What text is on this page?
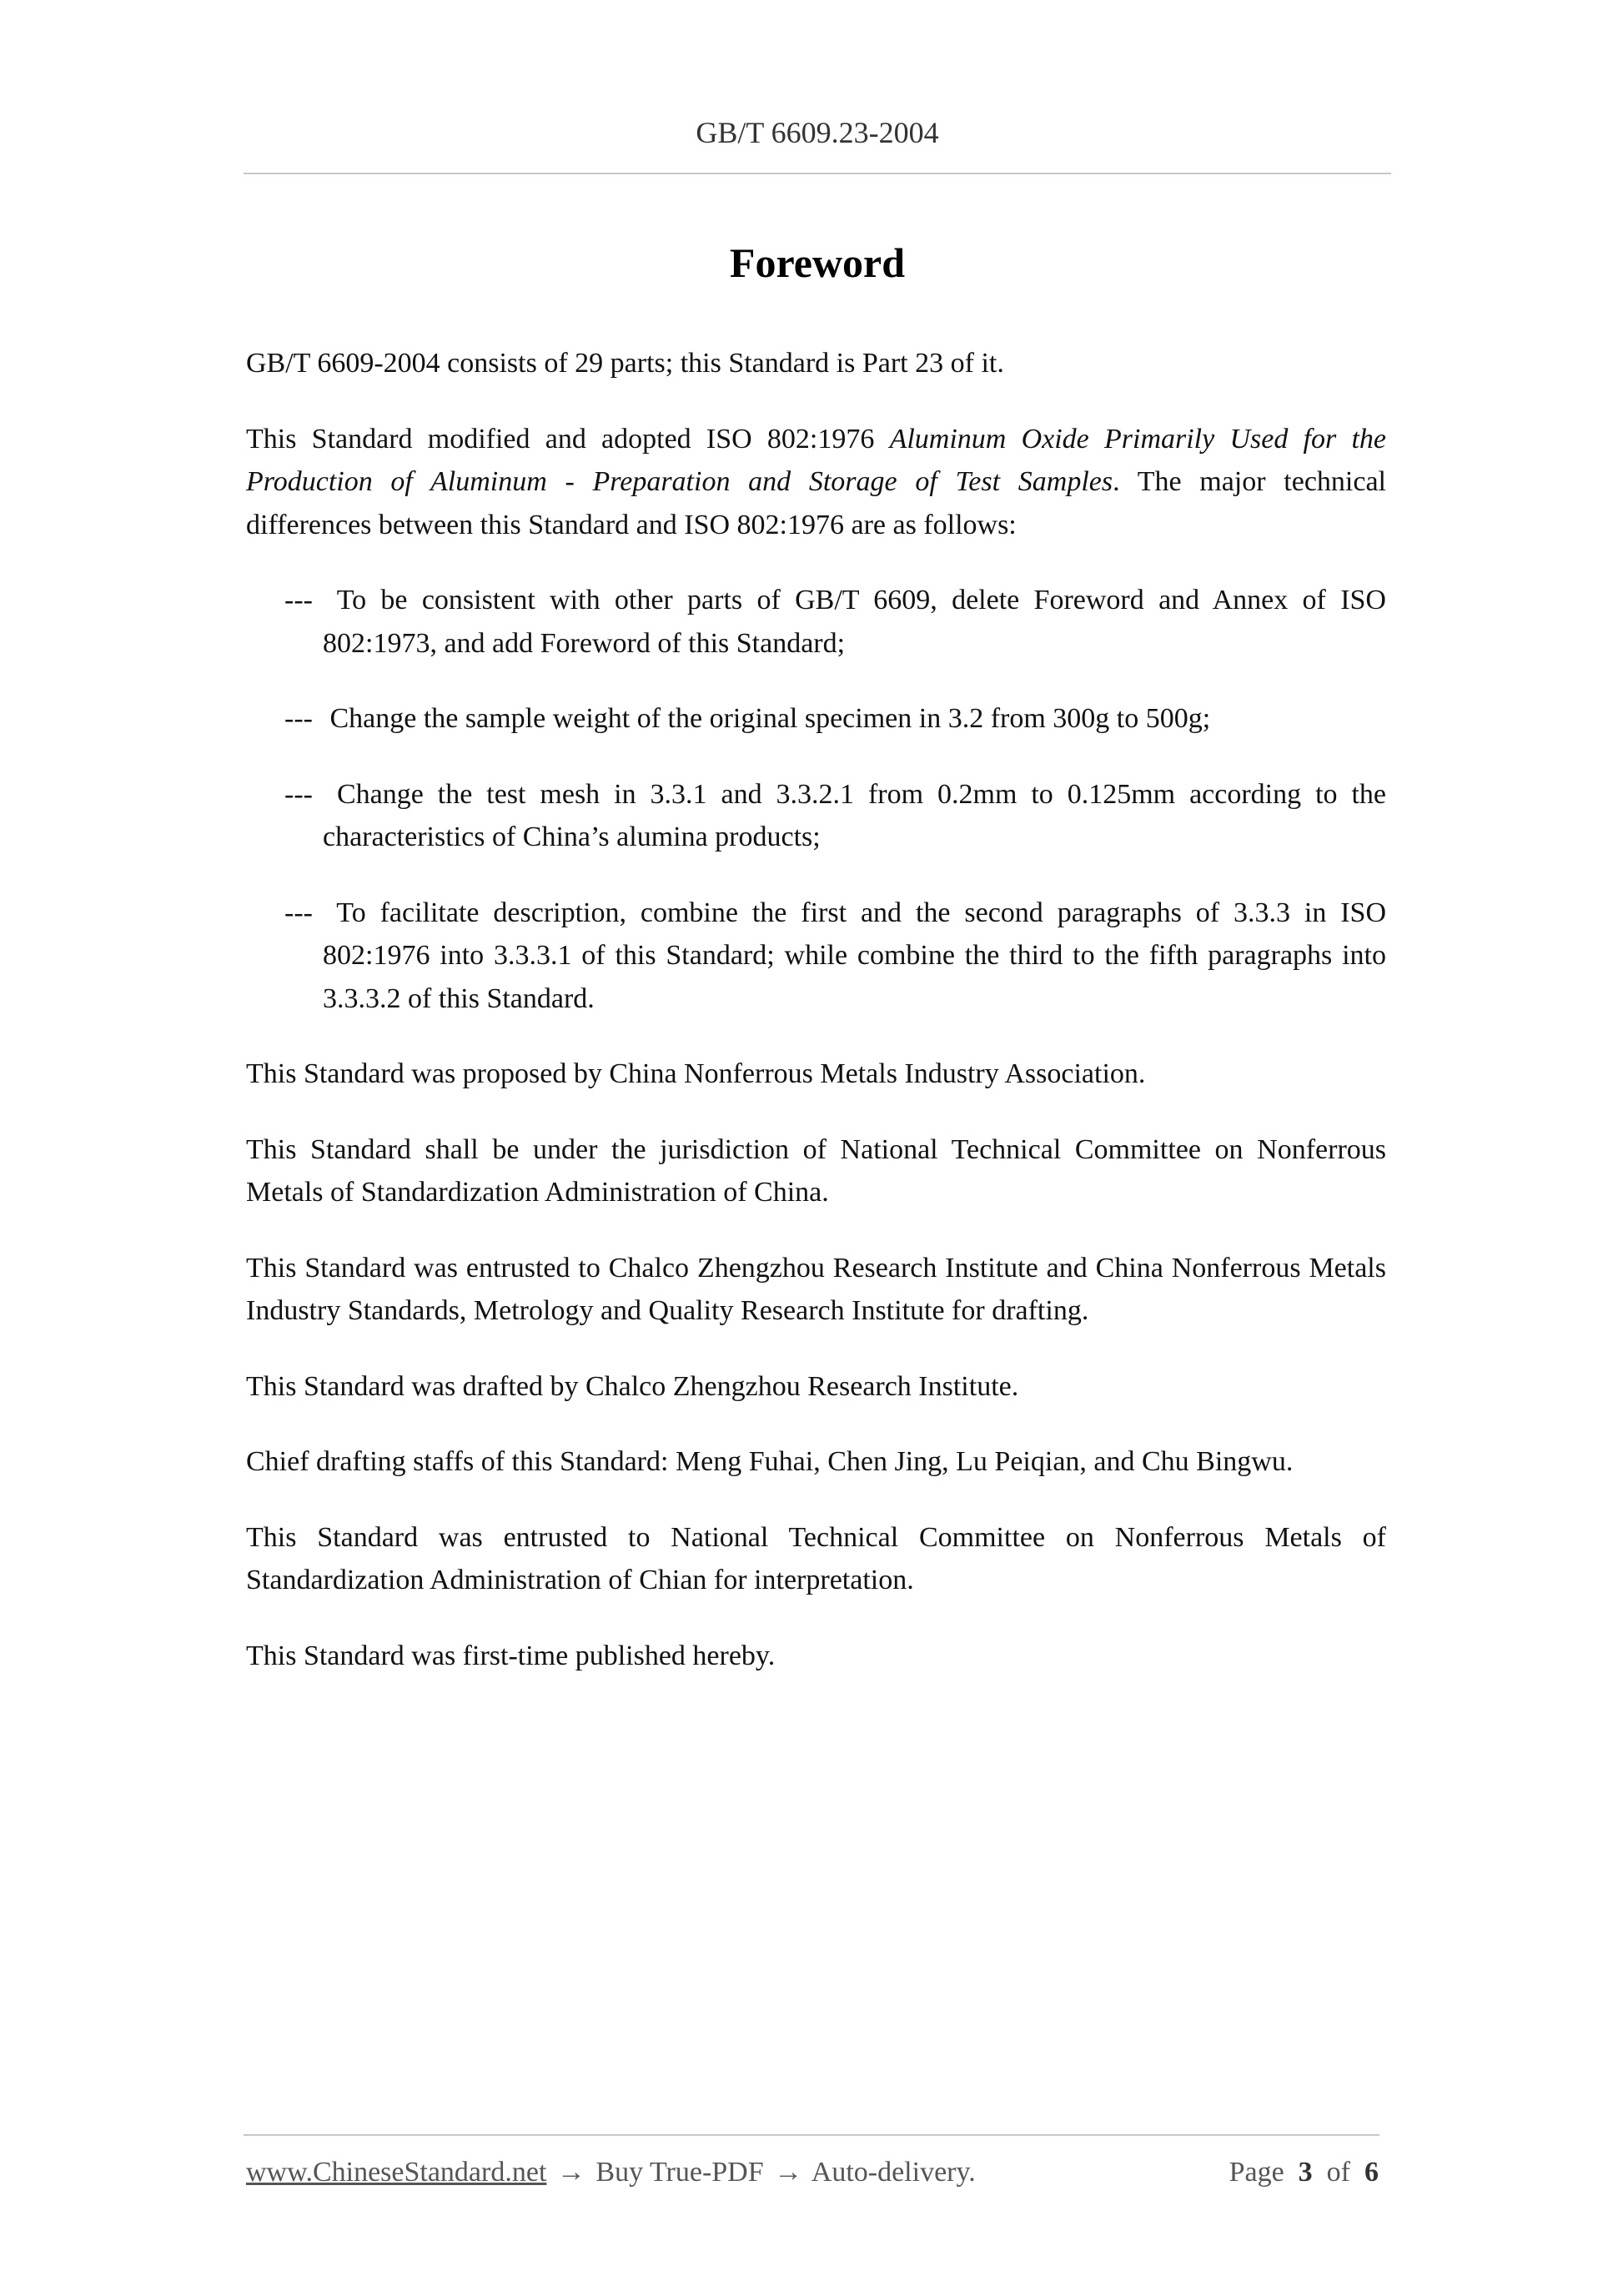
GB/T 6609.23-2004
Foreword

GB/T 6609-2004 consists of 29 parts; this Standard is Part 23 of it.

This Standard modified and adopted ISO 802:1976 Aluminum Oxide Primarily Used for the Production of Aluminum - Preparation and Storage of Test Samples. The major technical differences between this Standard and ISO 802:1976 are as follows:

--- To be consistent with other parts of GB/T 6609, delete Foreword and Annex of ISO 802:1973, and add Foreword of this Standard;
--- Change the sample weight of the original specimen in 3.2 from 300g to 500g;
--- Change the test mesh in 3.3.1 and 3.3.2.1 from 0.2mm to 0.125mm according to the characteristics of China’s alumina products;
--- To facilitate description, combine the first and the second paragraphs of 3.3.3 in ISO 802:1976 into 3.3.3.1 of this Standard; while combine the third to the fifth paragraphs into 3.3.3.2 of this Standard.

This Standard was proposed by China Nonferrous Metals Industry Association.

This Standard shall be under the jurisdiction of National Technical Committee on Nonferrous Metals of Standardization Administration of China.

This Standard was entrusted to Chalco Zhengzhou Research Institute and China Nonferrous Metals Industry Standards, Metrology and Quality Research Institute for drafting.

This Standard was drafted by Chalco Zhengzhou Research Institute.

Chief drafting staffs of this Standard: Meng Fuhai, Chen Jing, Lu Peiqian, and Chu Bingwu.

This Standard was entrusted to National Technical Committee on Nonferrous Metals of Standardization Administration of Chian for interpretation.

This Standard was first-time published hereby.

www.ChineseStandard.net → Buy True-PDF → Auto-delivery.	Page 3 of 6
